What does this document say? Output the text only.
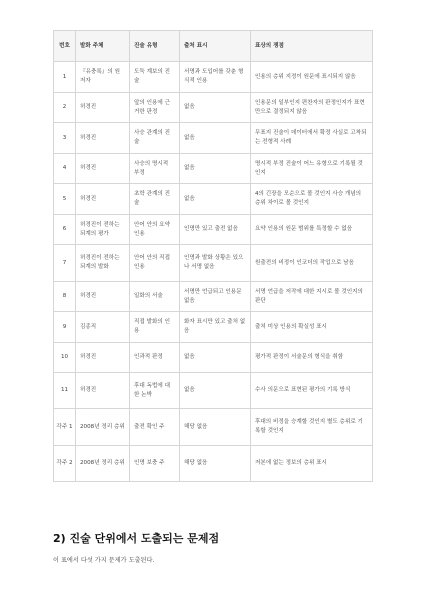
번호	발화 주체	진술 유형	출처 표시	표상의 쟁점
1	『유충록』의 원저자	도둑 계보의 진술	서명과 도입어를 갖춘 형식적 인용	인용의 층위 지정이 원문에 표시되지 않음
2	허경진	앞의 인용에 근거한 판정	없음	인용문의 일부인지 편찬자의 판정인지가 표현만으로 결정되지 않음
3	허경진	사승 관계의 진술	없음	무표지 진술이 데이터에서 확정 사실로 고착되는 전형적 사례
4	허경진	사승의 명시적 부정	없음	명시적 부정 진술이 어느 유형으로 기록될 것인지
5	허경진	초학 관계의 진술	없음	4의 긴장을 모순으로 볼 것인지 사승 개념의 층위 차이로 볼 것인지
6	허경진이 전하는 되계의 평가	안어 안의 요약 인용	인명만 있고 출전 없음	요약 인용의 원문 범위를 특정할 수 없음
7	허경진이 전하는 되계의 발화	안어 안의 직접 인용	인명과 발화 상황은 있으나 서명 없음	원출전의 비정이 인코더의 작업으로 남음
8	허경진	일화의 서술	서명만 언급되고 인용문 없음	서명 언급을 저작에 대한 지시로 볼 것인지의 판단
9	김종직	직접 발화의 인용	화자 표시만 있고 출처 없음	출처 미상 인용의 확실성 표시
10	허경진	인과적 판정	없음	평가적 판정이 서술문의 형식을 취함
11	허경진	후대 독법에 대한 논박	없음	수사 의문으로 표현된 평가의 기록 방식
각주 1	2008년 정리 층위	출전 확인 주	해당 없음	후대의 비정을 승계할 것인지 별도 층위로 기록할 것인지
각주 2	2008년 정리 층위	인명 보충 주	해당 없음	저본에 없는 정보의 층위 표시
2) 진술 단위에서 도출되는 문제점

이 표에서 다섯 가지 문제가 도출된다.
